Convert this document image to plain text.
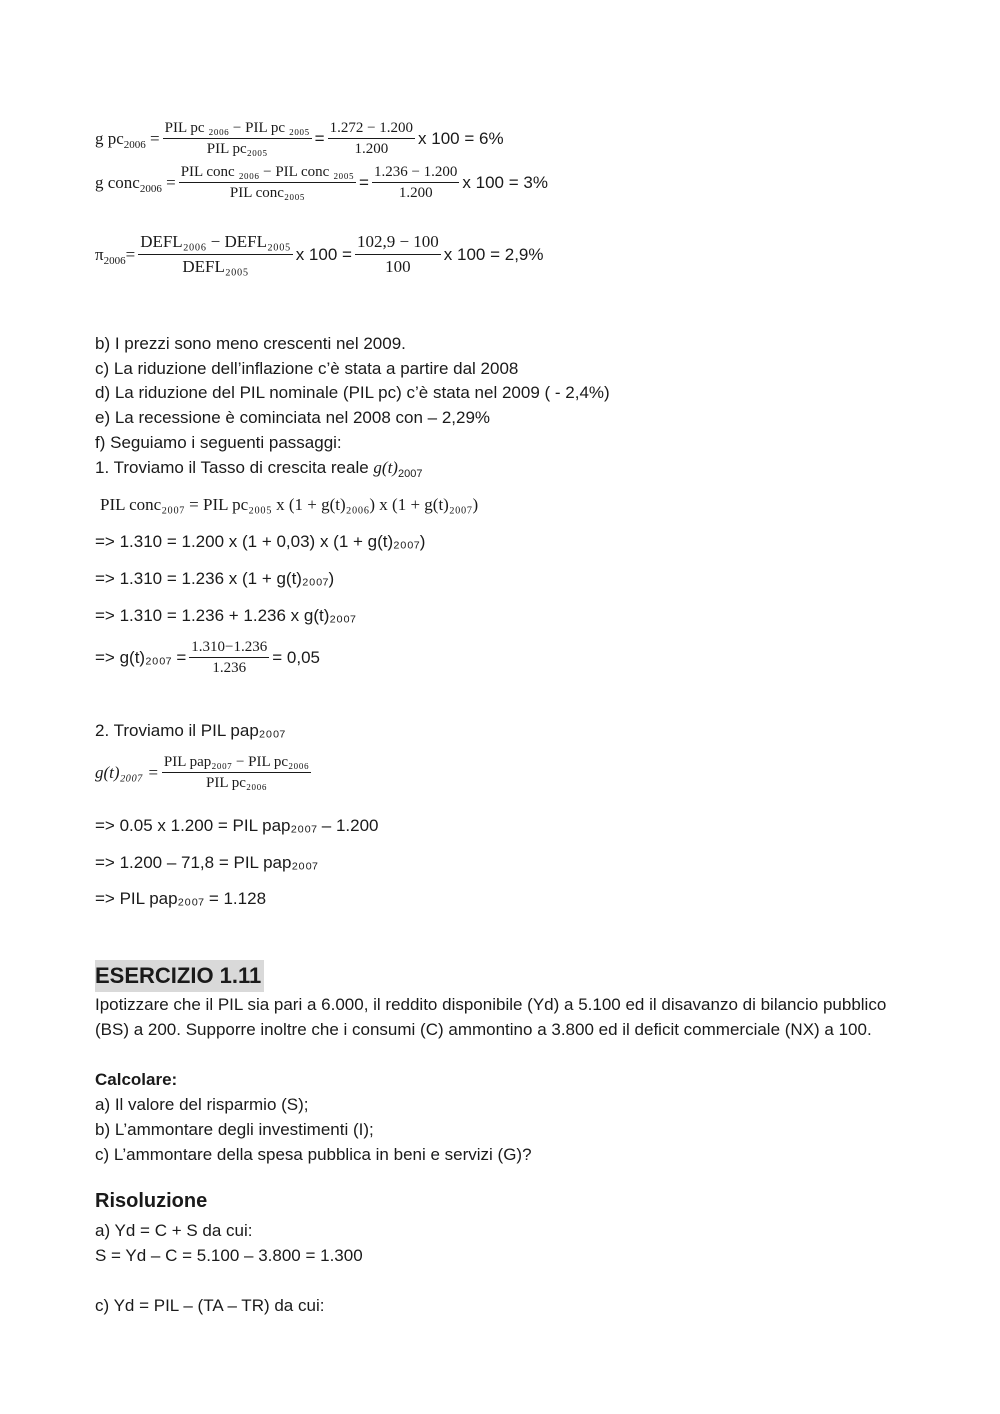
g $pc_{2006} = \frac{\text{PIL pc ₂₀₀₆ − PIL pc ₂₀₀₅}}{\text{PIL pc₂₀₀₅}} = \frac{1.272 - 1.200}{1.200}$ x 100 = 6%
g conc$_{2006}$ = $\frac{\text{PIL conc ₂₀₀₆ − PIL conc ₂₀₀₅}}{\text{PIL conc₂₀₀₅}} = \frac{1.236 - 1.200}{1.200}$ x 100 = 3%
$\pi_{2006}= \frac{\text{DEFL₂₀₀₆ − DEFL₂₀₀₅}}{\text{DEFL₂₀₀₅}}$ x $100 = \frac{102,9 - 100}{100}$ x 100 = 2,9%
b) I prezzi sono meno crescenti nel 2009.
c) La riduzione dell’inflazione c’è stata a partire dal 2008
d) La riduzione del PIL nominale (PIL pc) c’è stata nel 2009 ( - 2,4%)
e) La recessione è cominciata nel 2008 con – 2,29%
f) Seguiamo i seguenti passaggi:
1. Troviamo il Tasso di crescita reale $g(t)_{2007}$
PIL conc₂₀₀₇ = PIL pc₂₀₀₅ x (1 + g(t)₂₀₀₆) x (1 + g(t)₂₀₀₇)
=> 1.310 = 1.200 x (1 + 0,03) x (1 + g(t)₂₀₀₇)
=> 1.310 = 1.236 x (1 + g(t)₂₀₀₇)
=> 1.310 = 1.236 + 1.236 x g(t)₂₀₀₇
=> $g(t)_{2007} = \frac{1.310-1.236}{1.236} = 0,05$
2. Troviamo il PIL pap₂₀₀₇
$g(t)_{2007} = \frac{\text{PIL pap₂₀₀₇ − PIL pc₂₀₀₆}}{\text{PIL pc₂₀₀₆}}$
=> 0.05 x 1.200 = PIL pap₂₀₀₇ – 1.200
=> 1.200 – 71,8 = PIL pap₂₀₀₇
=> PIL pap₂₀₀₇ = 1.128
ESERCIZIO 1.11
Ipotizzare che il PIL sia pari a 6.000, il reddito disponibile (Yd) a 5.100 ed il disavanzo di bilancio pubblico (BS) a 200. Supporre inoltre che i consumi (C) ammontino a 3.800 ed il deficit commerciale (NX) a 100.
Calcolare:
a) Il valore del risparmio (S);
b) L’ammontare degli investimenti (I);
c) L’ammontare della spesa pubblica in beni e servizi (G)?
Risoluzione
a) Yd = C + S da cui:
S = Yd – C = 5.100 – 3.800 = 1.300
c) Yd = PIL – (TA – TR) da cui:
